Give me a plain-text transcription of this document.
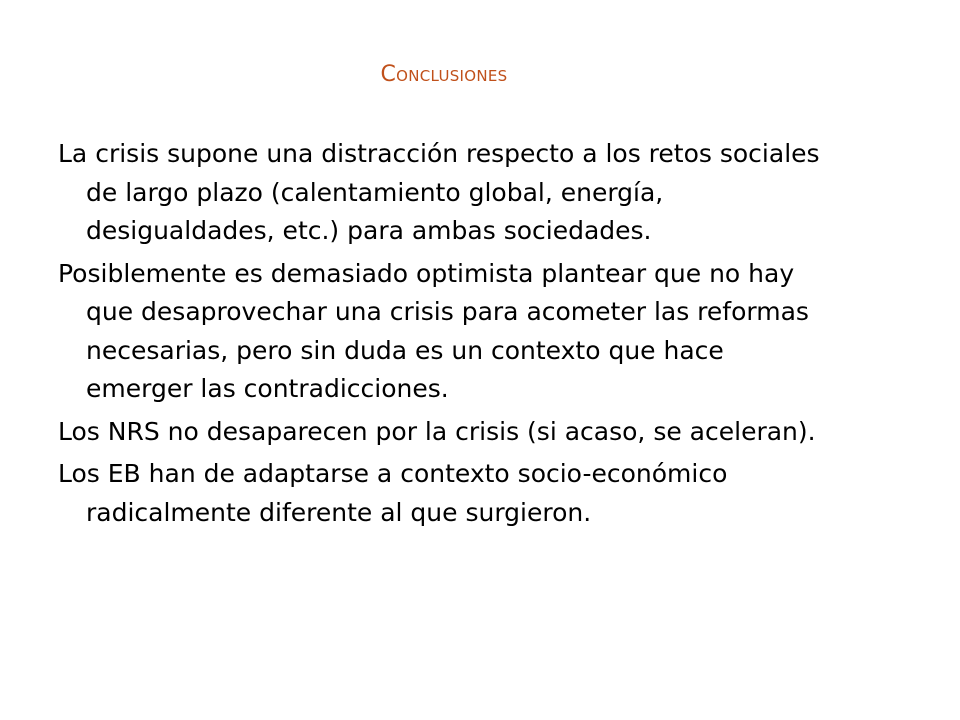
Conclusiones
La crisis supone una distracción respecto a los retos sociales de largo plazo (calentamiento global, energía, desigualdades, etc.) para ambas sociedades.
Posiblemente es demasiado optimista plantear que no hay que desaprovechar una crisis para acometer las reformas necesarias, pero sin duda es un contexto que hace emerger las contradicciones.
Los NRS no desaparecen por la crisis (si acaso, se aceleran).
Los EB han de adaptarse a contexto socio-económico radicalmente diferente al que surgieron.
